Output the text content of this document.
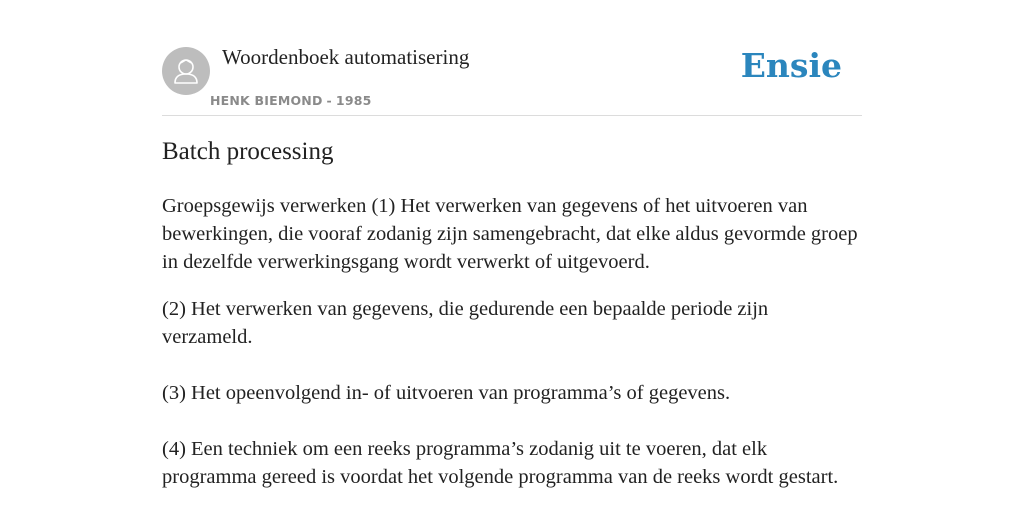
Woordenboek automatisering
HENK BIEMOND - 1985
Ensie
Batch processing

Groepsgewijs verwerken (1) Het verwerken van gegevens of het uitvoeren van bewerkingen, die vooraf zodanig zijn samengebracht, dat elke aldus gevormde groep in dezelfde verwerkingsgang wordt verwerkt of uitgevoerd.

(2) Het verwerken van gegevens, die gedurende een bepaalde periode zijn verzameld.

(3) Het opeenvolgend in- of uitvoeren van programma’s of gegevens.

(4) Een techniek om een reeks programma’s zodanig uit te voeren, dat elk programma gereed is voordat het volgende programma van de reeks wordt gestart.
